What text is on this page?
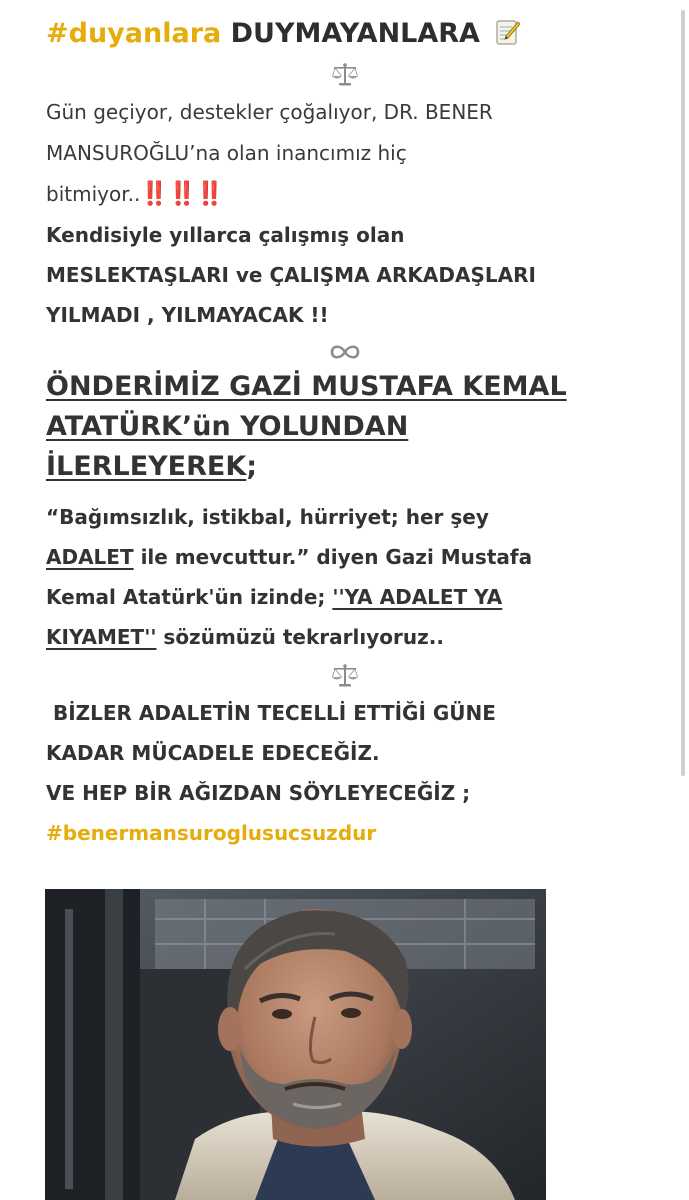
#duyanlara DUYMAYANLARA

Gün geçiyor, destekler çoğalıyor, DR. BENER

MANSUROĞLU’na olan inancımız hiç

bitmiyor..‼️‼️‼️

Kendisiyle yıllarca çalışmış olan

MESLEKTAŞLARI ve ÇALIŞMA ARKADAŞLARI

YILMADI , YILMAYACAK !!

ÖNDERİMİZ GAZİ MUSTAFA KEMAL

ATATÜRK’ün YOLUNDAN

İLERLEYEREK;

“Bağımsızlık, istikbal, hürriyet; her şey

ADALET ile mevcuttur.” diyen Gazi Mustafa

Kemal Atatürk'ün izinde; ''YA ADALET YA

KIYAMET'' sözümüzü tekrarlıyoruz..

BİZLER ADALETİN TECELLİ ETTİĞİ GÜNE

KADAR MÜCADELE EDECEĞİZ.

VE HEP BİR AĞIZDAN SÖYLEYECEĞİZ ;

#benermansuroglusucsuzdur
